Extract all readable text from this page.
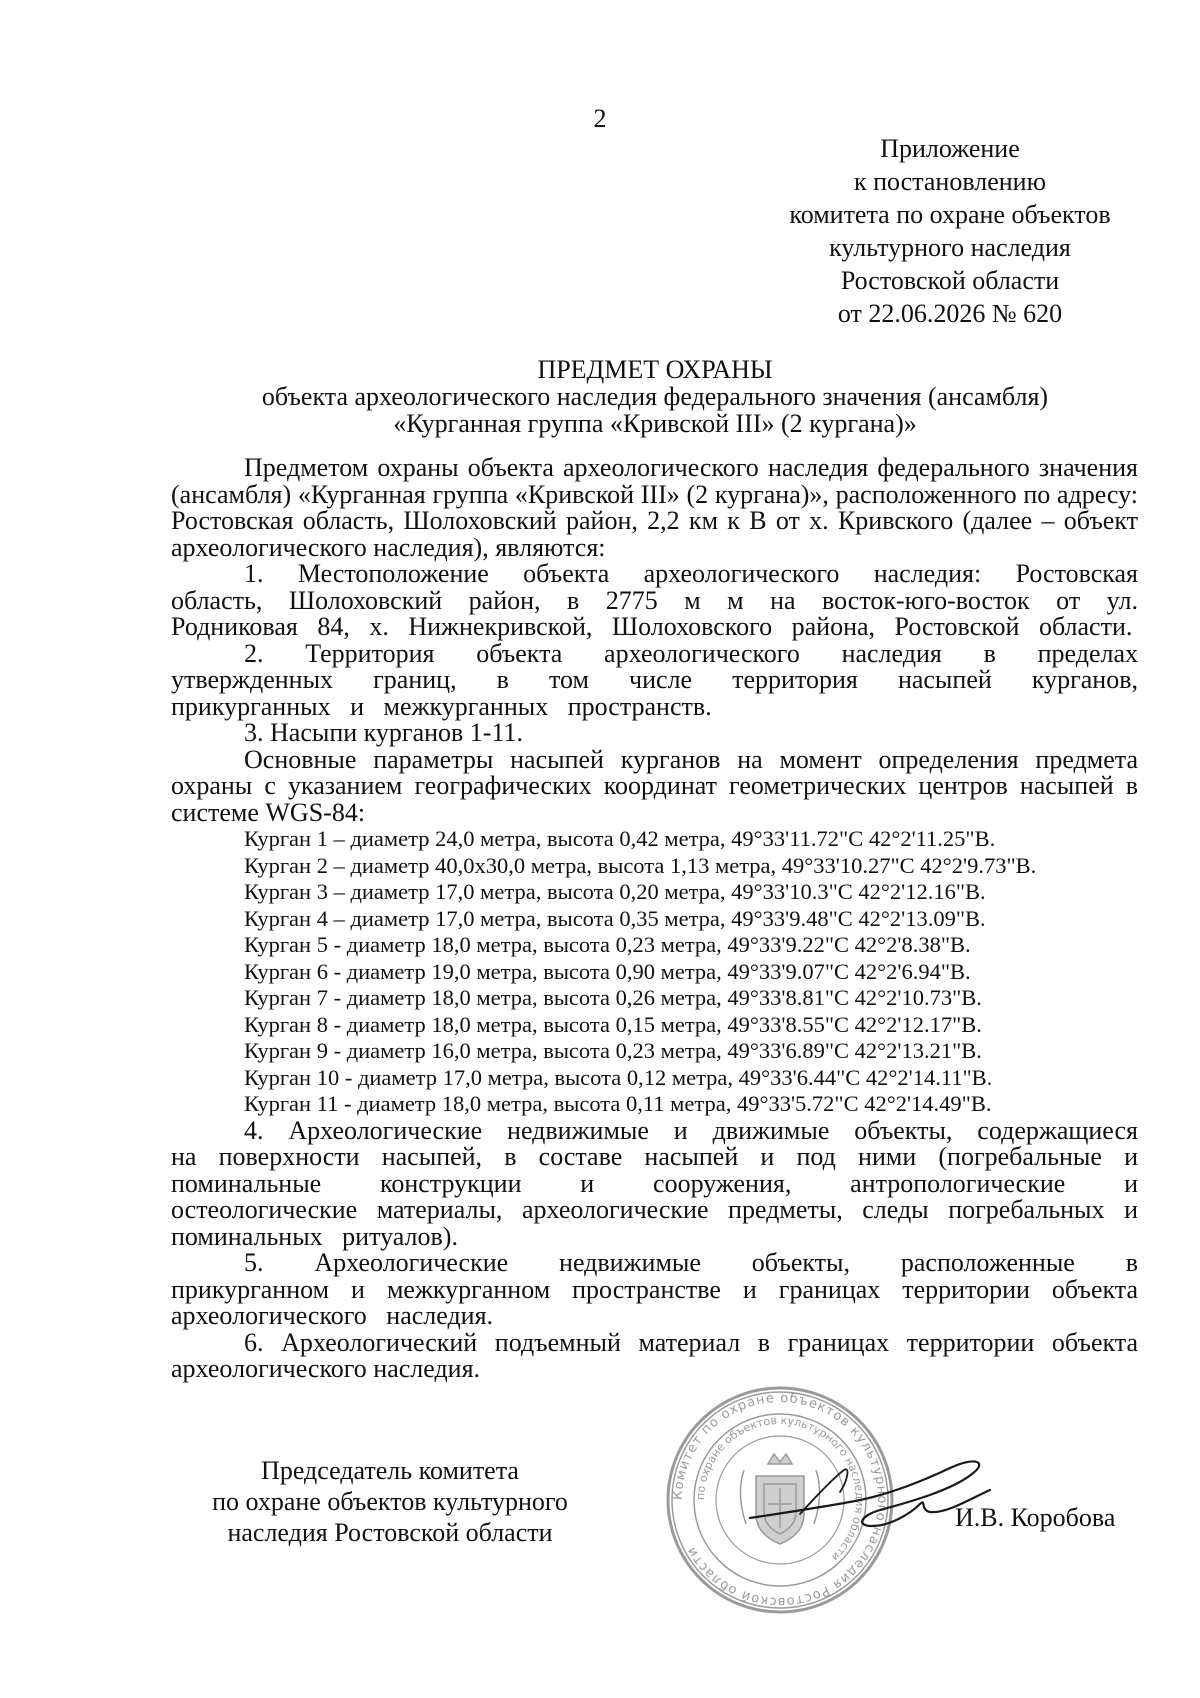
2
Приложение
к постановлению
комитета по охране объектов
культурного наследия
Ростовской области
от 22.06.2026 № 620
ПРЕДМЕТ ОХРАНЫ
объекта археологического наследия федерального значения (ансамбля)
«Курганная группа «Кривской III» (2 кургана)»
Предметом охраны объекта археологического наследия федерального значения (ансамбля) «Курганная группа «Кривской III» (2 кургана)», расположенного по адресу: Ростовская область, Шолоховский район, 2,2 км к В от х. Кривского (далее – объект археологического наследия), являются:
1. Местоположение объекта археологического наследия: Ростовская область, Шолоховский район, в 2775 м м на восток-юго-восток от ул. Родниковая 84, х. Нижнекривской, Шолоховского района, Ростовской области.
2. Территория объекта археологического наследия в пределах утвержденных границ, в том числе территория насыпей курганов, прикурганных и межкурганных пространств.
3. Насыпи курганов 1-11.
Основные параметры насыпей курганов на момент определения предмета охраны с указанием географических координат геометрических центров насыпей в системе WGS-84:
Курган 1 – диаметр 24,0 метра, высота 0,42 метра, 49°33'11.72"С 42°2'11.25"В.
Курган 2 – диаметр 40,0х30,0 метра, высота 1,13 метра, 49°33'10.27"С 42°2'9.73"В.
Курган 3 – диаметр 17,0 метра, высота 0,20 метра, 49°33'10.3"С 42°2'12.16"В.
Курган 4 – диаметр 17,0 метра, высота 0,35 метра, 49°33'9.48"С 42°2'13.09"В.
Курган 5 - диаметр 18,0 метра, высота 0,23 метра, 49°33'9.22"С 42°2'8.38"В.
Курган 6 - диаметр 19,0 метра, высота 0,90 метра, 49°33'9.07"С 42°2'6.94"В.
Курган 7 - диаметр 18,0 метра, высота 0,26 метра, 49°33'8.81"С 42°2'10.73"В.
Курган 8 - диаметр 18,0 метра, высота 0,15 метра, 49°33'8.55"С 42°2'12.17"В.
Курган 9 - диаметр 16,0 метра, высота 0,23 метра, 49°33'6.89"С 42°2'13.21"В.
Курган 10 - диаметр 17,0 метра, высота 0,12 метра, 49°33'6.44"С 42°2'14.11"В.
Курган 11 - диаметр 18,0 метра, высота 0,11 метра, 49°33'5.72"С 42°2'14.49"В.
4. Археологические недвижимые и движимые объекты, содержащиеся на поверхности насыпей, в составе насыпей и под ними (погребальные и поминальные конструкции и сооружения, антропологические и остеологические материалы, археологические предметы, следы погребальных и поминальных ритуалов).
5. Археологические недвижимые объекты, расположенные в прикурганном и межкурганном пространстве и границах территории объекта археологического наследия.
6. Археологический подъемный материал в границах территории объекта археологического наследия.
Председатель комитета
по охране объектов культурного
наследия Ростовской области
Комитет по охране объектов культурного наследия Ростовской области
по охране объектов культурного наследия области
И.В. Коробова
